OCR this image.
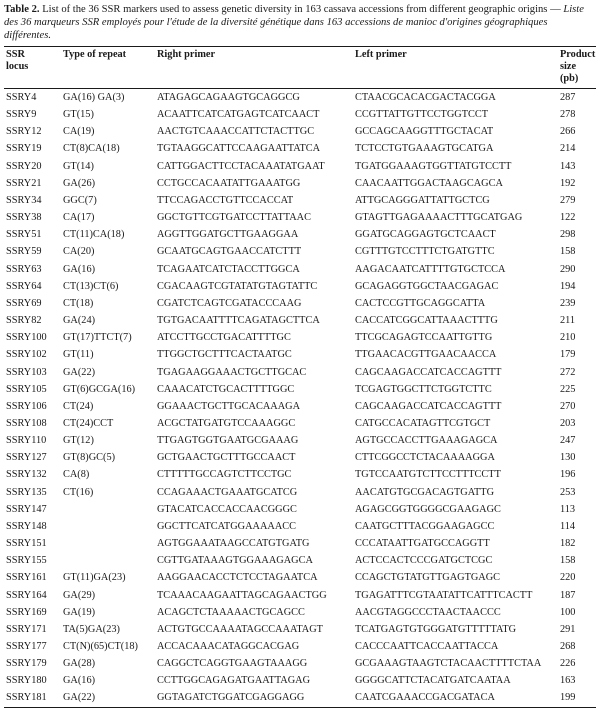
Table 2. List of the 36 SSR markers used to assess genetic diversity in 163 cassava accessions from different geographic origins — Liste des 36 marqueurs SSR employés pour l'étude de la diversité génétique dans 163 accessions de manioc d'origines géographiques différentes.

SSR
locus	Type of repeat	Right primer	Left primer	Product
size (pb)
SSRY4	GA(16) GA(3)	ATAGAGCAGAAGTGCAGGCG	CTAACGCACACGACTACGGA	287
SSRY9	GT(15)	ACAATTCATCATGAGTCATCAACT	CCGTTATTGTTCCTGGTCCT	278
SSRY12	CA(19)	AACTGTCAAACCATTCTACTTGC	GCCAGCAAGGTTTGCTACAT	266
SSRY19	CT(8)CA(18)	TGTAAGGCATTCCAAGAATTATCA	TCTCCTGTGAAAGTGCATGA	214
SSRY20	GT(14)	CATTGGACTTCCTACAAATATGAAT	TGATGGAAAGTGGTTATGTCCTT	143
SSRY21	GA(26)	CCTGCCACAATATTGAAATGG	CAACAATTGGACTAAGCAGCA	192
SSRY34	GGC(7)	TTCCAGACCTGTTCCACCAT	ATTGCAGGGATTATTGCTCG	279
SSRY38	CA(17)	GGCTGTTCGTGATCCTTATTAAC	GTAGTTGAGAAAACTTTGCATGAG	122
SSRY51	CT(11)CA(18)	AGGTTGGATGCTTGAAGGAA	GGATGCAGGAGTGCTCAACT	298
SSRY59	CA(20)	GCAATGCAGTGAACCATCTTT	CGTTTGTCCTTTCTGATGTTC	158
SSRY63	GA(16)	TCAGAATCATCTACCTTGGCA	AAGACAATCATTTTGTGCTCCA	290
SSRY64	CT(13)CT(6)	CGACAAGTCGTATATGTAGTATTC	GCAGAGGTGGCTAACGAGAC	194
SSRY69	CT(18)	CGATCTCAGTCGATACCCAAG	CACTCCGTTGCAGGCATTA	239
SSRY82	GA(24)	TGTGACAATTTTCAGATAGCTTCA	CACCATCGGCATTAAACTTTG	211
SSRY100	GT(17)TTCT(7)	ATCCTTGCCTGACATTTTGC	TTCGCAGAGTCCAATTGTTG	210
SSRY102	GT(11)	TTGGCTGCTTTCACTAATGC	TTGAACACGTTGAACAACCA	179
SSRY103	GA(22)	TGAGAAGGAAACTGCTTGCAC	CAGCAAGACCATCACCAGTTT	272
SSRY105	GT(6)GCGA(16)	CAAACATCTGCACTTTTGGC	TCGAGTGGCTTCTGGTCTTC	225
SSRY106	CT(24)	GGAAACTGCTTGCACAAAGA	CAGCAAGACCATCACCAGTTT	270
SSRY108	CT(24)CCT	ACGCTATGATGTCCAAAGGC	CATGCCACATAGTTCGTGCT	203
SSRY110	GT(12)	TTGAGTGGTGAATGCGAAAG	AGTGCCACCTTGAAAGAGCA	247
SSRY127	GT(8)GC(5)	GCTGAACTGCTTTGCCAACT	CTTCGGCCTCTACAAAAGGA	130
SSRY132	CA(8)	CTTTTTGCCAGTCTTCCTGC	TGTCCAATGTCTTCCTTTCCTT	196
SSRY135	CT(16)	CCAGAAACTGAAATGCATCG	AACATGTGCGACAGTGATTG	253
SSRY147		GTACATCACCACCAACGGGC	AGAGCGGTGGGGCGAAGAGC	113
SSRY148		GGCTTCATCATGGAAAAACC	CAATGCTTTACGGAAGAGCC	114
SSRY151		AGTGGAAATAAGCCATGTGATG	CCCATAATTGATGCCAGGTT	182
SSRY155		CGTTGATAAAGTGGAAAGAGCA	ACTCCACTCCCGATGCTCGC	158
SSRY161	GT(11)GA(23)	AAGGAACACCTCTCCTAGAATCA	CCAGCTGTATGTTGAGTGAGC	220
SSRY164	GA(29)	TCAAACAAGAATTAGCAGAACTGG	TGAGATTTCGTAATATTCATTTCACTT	187
SSRY169	GA(19)	ACAGCTCTAAAAACTGCAGCC	AACGTAGGCCCTAACTAACCC	100
SSRY171	TA(5)GA(23)	ACTGTGCCAAAATAGCCAAATAGT	TCATGAGTGTGGGATGTTTTTATG	291
SSRY177	CT(N)(65)CT(18)	ACCACAAACATAGGCACGAG	CACCCAATTCACCAATTACCA	268
SSRY179	GA(28)	CAGGCTCAGGTGAAGTAAAGG	GCGAAAGTAAGTCTACAACTTTTCTAA	226
SSRY180	GA(16)	CCTTGGCAGAGATGAATTAGAG	GGGGCATTCTACATGATCAATAA	163
SSRY181	GA(22)	GGTAGATCTGGATCGAGGAGG	CAATCGAAACCGACGATACA	199
